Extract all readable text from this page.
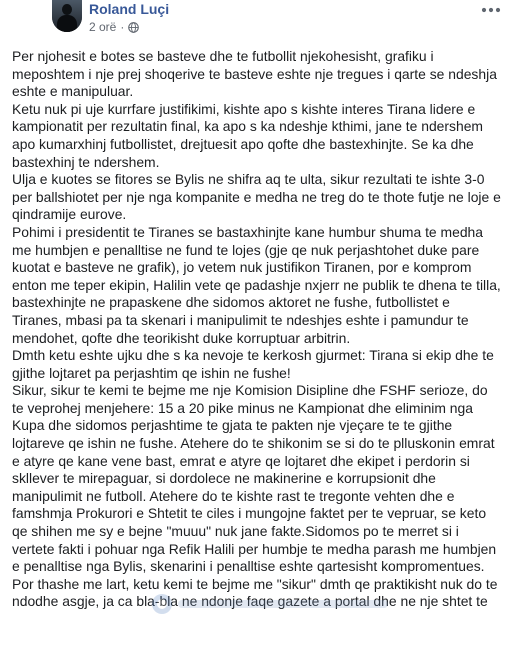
Roland Luçi
2 orë ·

Per njohesit e botes se basteve dhe te futbollit njekohesisht, grafiku i meposhtem i nje prej shoqerive te basteve eshte nje tregues i qarte se ndeshja eshte e manipuluar.

Ketu nuk pi uje kurrfare justifikimi, kishte apo s kishte interes Tirana lidere e kampionatit per rezultatin final, ka apo s ka ndeshje kthimi, jane te ndershem apo kumarxhinj futbollistet, drejtuesit apo qofte dhe bastexhinjte. Se ka dhe bastexhinj te ndershem.

Ulja e kuotes se fitores se Bylis ne shifra aq te ulta, sikur rezultati te ishte 3-0 per ballshiotet per nje nga kompanite e medha ne treg do te thote futje ne loje e qindramije eurove.

Pohimi i presidentit te Tiranes se bastaxhinjte kane humbur shuma te medha me humbjen e penalltise ne fund te lojes (gje qe nuk perjashtohet duke pare kuotat e basteve ne grafik), jo vetem nuk justifikon Tiranen, por e komprom​enton me teper ekipin, Halilin vete qe padashje nxjerr ne publik te dhena te tilla, bastexhinjte ne prapaskene dhe sidomos aktoret ne fushe, futbollistet e Tiranes, mbasi pa ta skenari i manipulimit te ndeshjes eshte i pamundur te mendohet, qofte dhe teorikisht duke korruptuar arbitrin.

Dmth ketu eshte ujku dhe s ka nevoje te kerkosh gjurmet: Tirana si ekip dhe te gjithe lojtaret pa perjashtim qe ishin ne fushe!

Sikur, sikur te kemi te bejme me nje Komision Disipline dhe FSHF serioze, do te veprohej menjehere: 15 a 20 pike minus ne Kampionat dhe eliminim nga Kupa dhe sidomos perjashtime te gjata te pakten nje vjeçare te te gjithe lojtareve qe ishin ne fushe. Atehere do te shikonim se si do te plluskonin emrat e atyre qe kane vene bast, emrat e atyre qe lojtaret dhe ekipet i perdorin si skllever te mirepaguar, si dordolece ne makinerine e korrupsionit dhe manipulimit ne futboll. Atehere do te kishte rast te tregonte vehten dhe e famshmja Prokurori e Shtetit te ciles i mungojne faktet per te vepruar, se keto qe shihen me sy e bejne "muuu" nuk jane fakte.Sidomos po te merret si i vertete fakti i pohuar nga Refik Halili per humbje te medha parash me humbjen e penalltise nga Bylis, skenarini i penalltise eshte qartesisht komprom​entues.

Por thashe me lart, ketu kemi te bejme me "sikur" dmth qe praktikisht nuk do te ndodhe asgje, ja ca bla-bla ne ndonje faqe gazete a portal dhe ne nje shtet te
